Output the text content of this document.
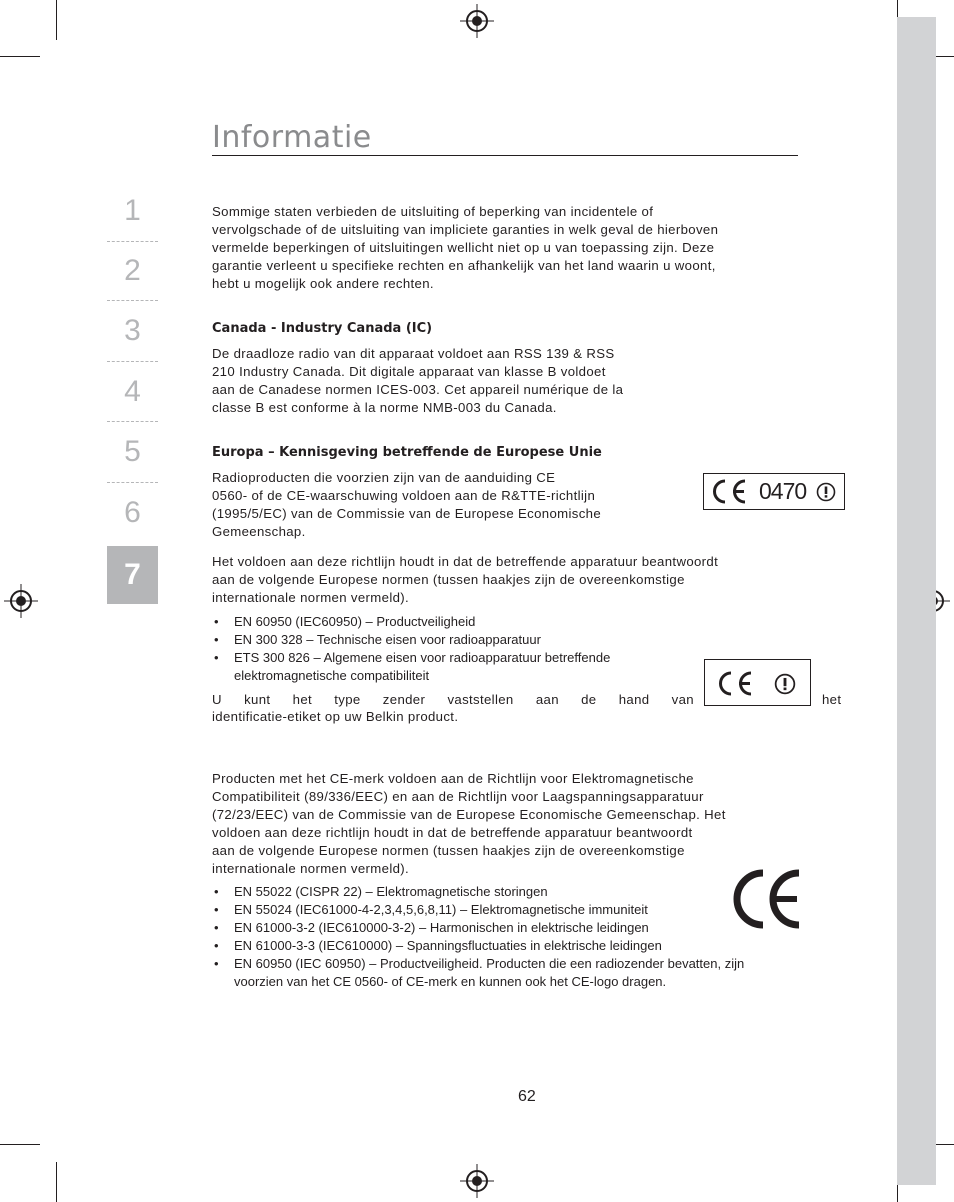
1
2
3
4
5
6
7
Informatie
Sommige staten verbieden de uitsluiting of beperking van incidentele of
vervolgschade of de uitsluiting van impliciete garanties in welk geval de hierboven
vermelde beperkingen of uitsluitingen wellicht niet op u van toepassing zijn. Deze
garantie verleent u specifieke rechten en afhankelijk van het land waarin u woont,
hebt u mogelijk ook andere rechten.
Canada - Industry Canada (IC)
De draadloze radio van dit apparaat voldoet aan RSS 139 & RSS
210 Industry Canada. Dit digitale apparaat van klasse B voldoet
aan de Canadese normen ICES-003. Cet appareil numérique de la
classe B est conforme à la norme NMB-003 du Canada.
Europa – Kennisgeving betreffende de Europese Unie
Radioproducten die voorzien zijn van de aanduiding CE
0560- of de CE-waarschuwing voldoen aan de R&TTE-richtlijn
(1995/5/EC) van de Commissie van de Europese Economische
Gemeenschap.
0470
Het voldoen aan deze richtlijn houdt in dat de betreffende apparatuur beantwoordt
aan de volgende Europese normen (tussen haakjes zijn de overeenkomstige
internationale normen vermeld).
• EN 60950 (IEC60950) – Productveiligheid
• EN 300 328 – Technische eisen voor radioapparatuur
• ETS 300 826 – Algemene eisen voor radioapparatuur betreffende
elektromagnetische compatibiliteit
U kunt het type zender vaststellen aan de hand van	het
identificatie-etiket op uw Belkin product.
Producten met het CE-merk voldoen aan de Richtlijn voor Elektromagnetische
Compatibiliteit (89/336/EEC) en aan de Richtlijn voor Laagspanningsapparatuur
(72/23/EEC) van de Commissie van de Europese Economische Gemeenschap. Het
voldoen aan deze richtlijn houdt in dat de betreffende apparatuur beantwoordt
aan de volgende Europese normen (tussen haakjes zijn de overeenkomstige
internationale normen vermeld).
• EN 55022 (CISPR 22) – Elektromagnetische storingen
• EN 55024 (IEC61000-4-2,3,4,5,6,8,11) – Elektromagnetische immuniteit
• EN 61000-3-2 (IEC610000-3-2) – Harmonischen in elektrische leidingen
• EN 61000-3-3 (IEC610000) – Spanningsfluctuaties in elektrische leidingen
• EN 60950 (IEC 60950) – Productveiligheid. Producten die een radiozender bevatten, zijn
voorzien van het CE 0560- of CE-merk en kunnen ook het CE-logo dragen.
62
